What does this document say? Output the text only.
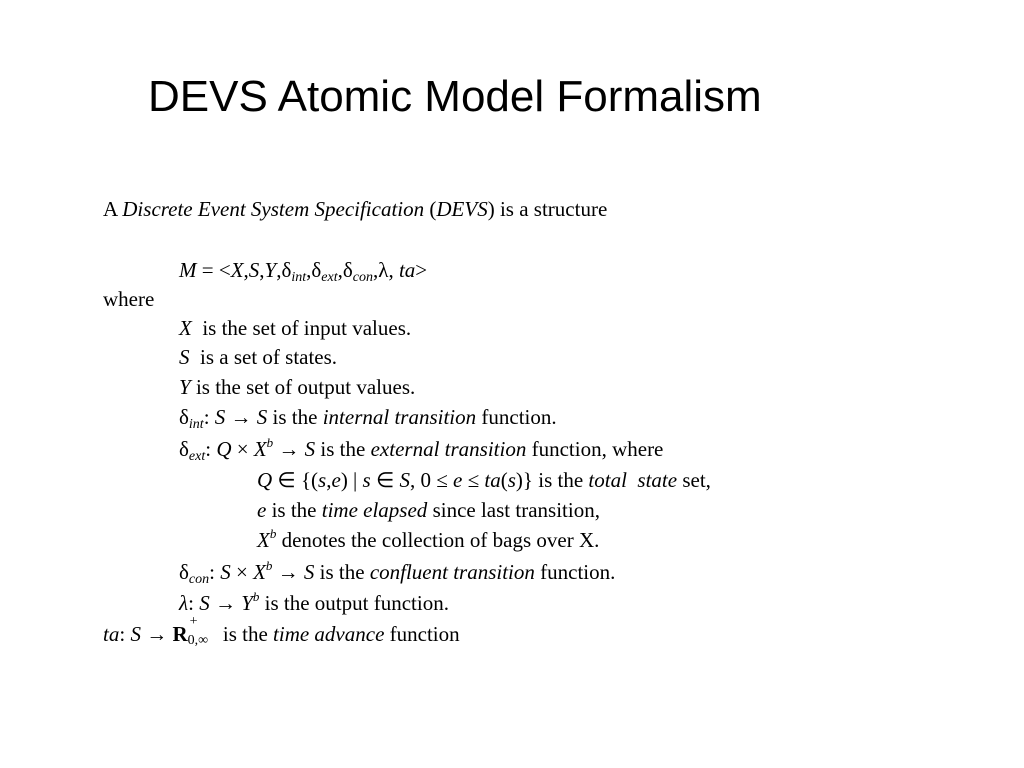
DEVS Atomic Model Formalism
A Discrete Event System Specification (DEVS) is a structure
$M = <X,S,Y,\delta_{int},\delta_{ext},\delta_{con},\lambda$, ta>
where
X  is the set of input values.
S  is a set of states.
Y is the set of output values.
$\delta_{int}$: S → S is the internal transition function.
$\delta_{ext}$: $Q \times X^b \to S$ is the external transition function, where
Q ∈ {(s,e) | s ∈ S, 0 ≤ e ≤ ta(s)} is the total  state set,
e is the time elapsed since last transition,
$X^b$ denotes the collection of bags over X.
$\delta_{con}$: $S \times X^b \to S$ is the confluent transition function.
λ: $S \to Y^b$ is the output function.
ta: S → R
+
0,∞ is the time advance function
